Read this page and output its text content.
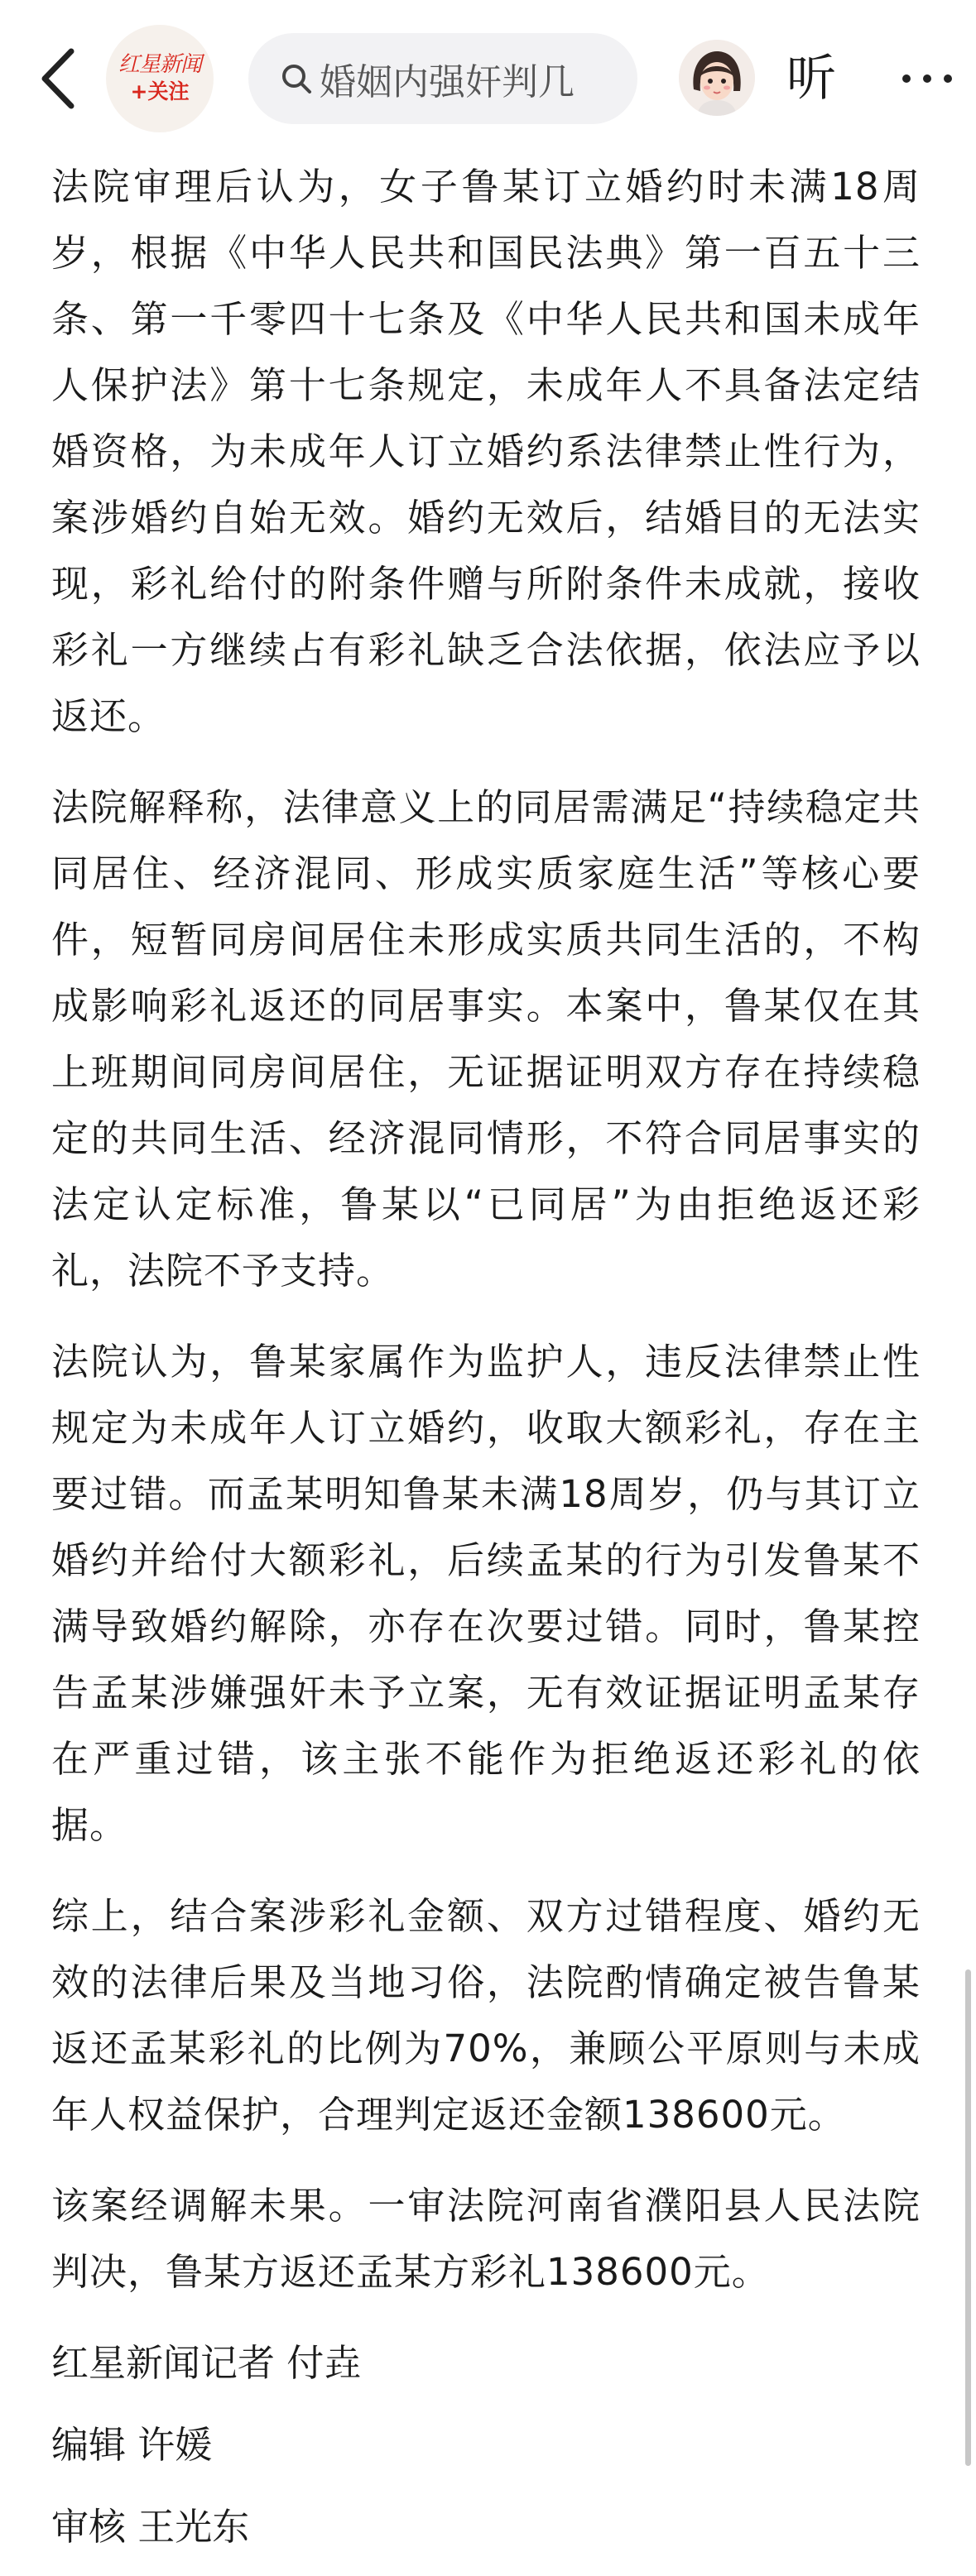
红星新闻
+关注	婚姻内强奸判几	听

法院审理后认为，女子鲁某订立婚约时未满18周岁，根据《中华人民共和国民法典》第一百五十三条、第一千零四十七条及《中华人民共和国未成年人保护法》第十七条规定，未成年人不具备法定结婚资格，为未成年人订立婚约系法律禁止性行为，案涉婚约自始无效。婚约无效后，结婚目的无法实现，彩礼给付的附条件赠与所附条件未成就，接收彩礼一方继续占有彩礼缺乏合法依据，依法应予以返还。

法院解释称，法律意义上的同居需满足“持续稳定共同居住、经济混同、形成实质家庭生活”等核心要件，短暂同房间居住未形成实质共同生活的，不构成影响彩礼返还的同居事实。本案中，鲁某仅在其上班期间同房间居住，无证据证明双方存在持续稳定的共同生活、经济混同情形，不符合同居事实的法定认定标准，鲁某以“已同居”为由拒绝返还彩礼，法院不予支持。

法院认为，鲁某家属作为监护人，违反法律禁止性规定为未成年人订立婚约，收取大额彩礼，存在主要过错。而孟某明知鲁某未满18周岁，仍与其订立婚约并给付大额彩礼，后续孟某的行为引发鲁某不满导致婚约解除，亦存在次要过错。同时，鲁某控告孟某涉嫌强奸未予立案，无有效证据证明孟某存在严重过错，该主张不能作为拒绝返还彩礼的依据。

综上，结合案涉彩礼金额、双方过错程度、婚约无效的法律后果及当地习俗，法院酌情确定被告鲁某返还孟某彩礼的比例为70%，兼顾公平原则与未成年人权益保护，合理判定返还金额138600元。

该案经调解未果。一审法院河南省濮阳县人民法院判决，鲁某方返还孟某方彩礼138600元。

红星新闻记者 付垚
编辑 许媛
审核 王光东
